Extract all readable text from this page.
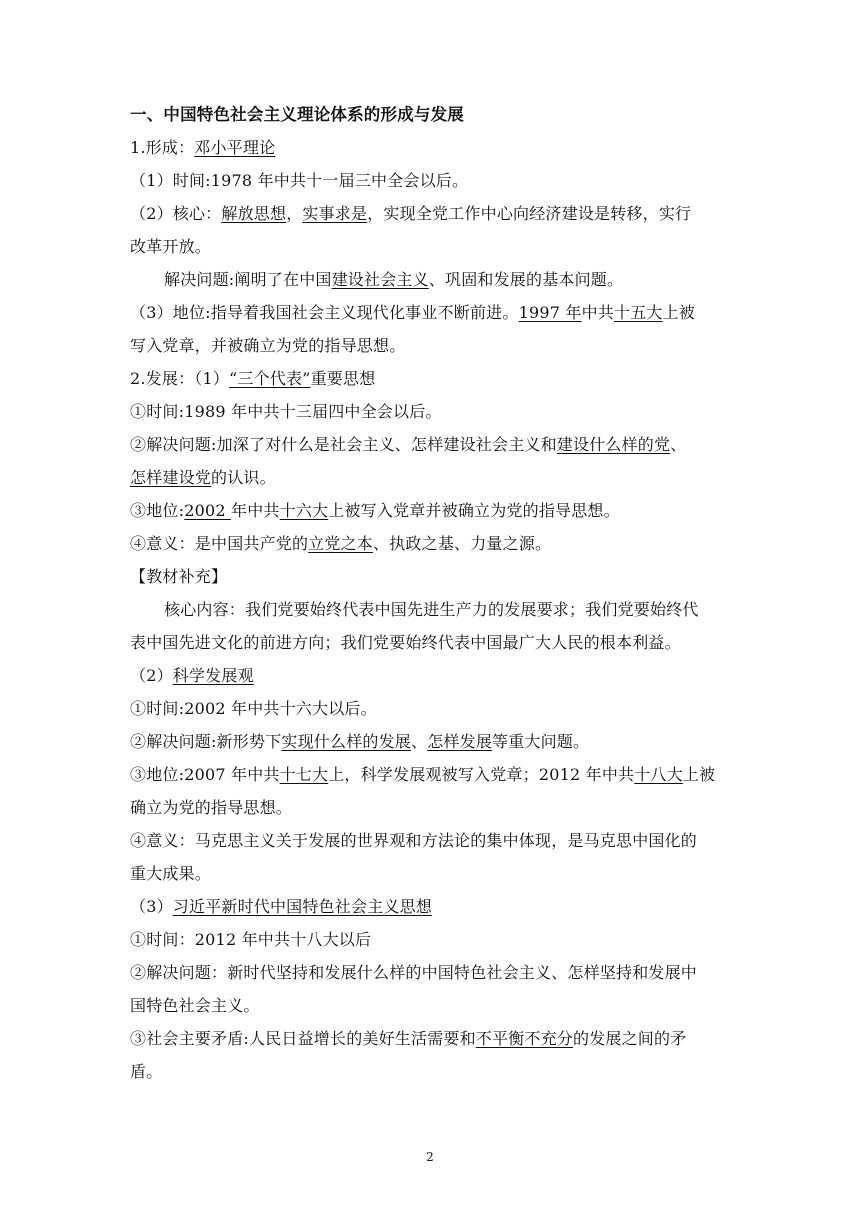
一、中国特色社会主义理论体系的形成与发展
1.形成：邓小平理论
（1）时间:1978 年中共十一届三中全会以后。
（2）核心：解放思想，实事求是，实现全党工作中心向经济建设是转移，实行
改革开放。
解决问题:阐明了在中国建设社会主义、巩固和发展的基本问题。
（3）地位:指导着我国社会主义现代化事业不断前进。1997 年中共十五大上被
写入党章，并被确立为党的指导思想。
2.发展：（1）“三个代表”重要思想
①时间:1989 年中共十三届四中全会以后。
②解决问题:加深了对什么是社会主义、怎样建设社会主义和建设什么样的党、
怎样建设党的认识。
③地位:2002 年中共十六大上被写入党章并被确立为党的指导思想。
④意义：是中国共产党的立党之本、执政之基、力量之源。
【教材补充】
核心内容：我们党要始终代表中国先进生产力的发展要求；我们党要始终代
表中国先进文化的前进方向；我们党要始终代表中国最广大人民的根本利益。
（2）科学发展观
①时间:2002 年中共十六大以后。
②解决问题:新形势下实现什么样的发展、怎样发展等重大问题。
③地位:2007 年中共十七大上，科学发展观被写入党章；2012 年中共十八大上被
确立为党的指导思想。
④意义：马克思主义关于发展的世界观和方法论的集中体现，是马克思中国化的
重大成果。
（3）习近平新时代中国特色社会主义思想
①时间：2012 年中共十八大以后
②解决问题：新时代坚持和发展什么样的中国特色社会主义、怎样坚持和发展中
国特色社会主义。
③社会主要矛盾:人民日益增长的美好生活需要和不平衡不充分的发展之间的矛
盾。
2
